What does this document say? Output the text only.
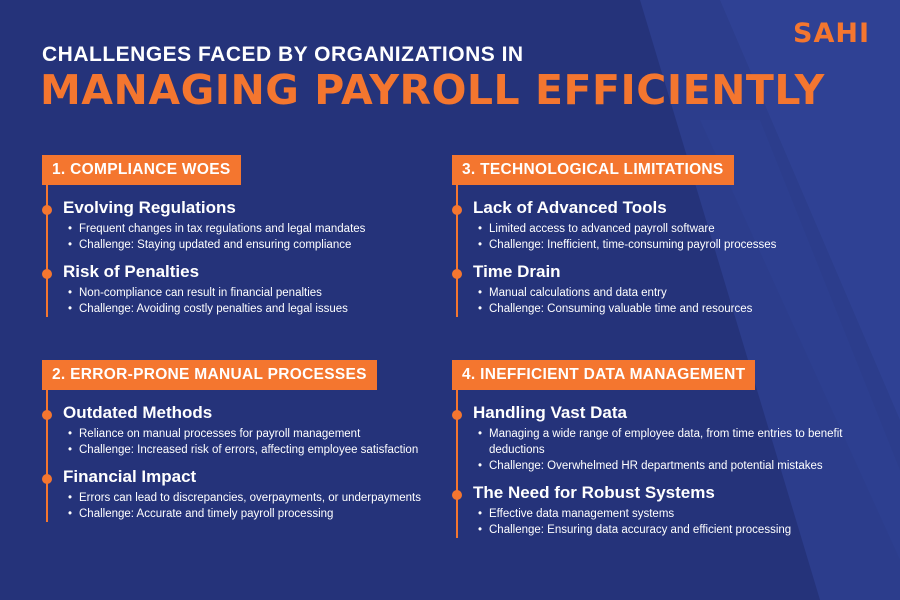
SAHI
CHALLENGES FACED BY ORGANIZATIONS IN
MANAGING PAYROLL EFFICIENTLY
1. COMPLIANCE WOES
Evolving Regulations
• Frequent changes in tax regulations and legal mandates
• Challenge: Staying updated and ensuring compliance
Risk of Penalties
• Non-compliance can result in financial penalties
• Challenge: Avoiding costly penalties and legal issues
3. TECHNOLOGICAL LIMITATIONS
Lack of Advanced Tools
• Limited access to advanced payroll software
• Challenge: Inefficient, time-consuming payroll processes
Time Drain
• Manual calculations and data entry
• Challenge: Consuming valuable time and resources
2. ERROR-PRONE MANUAL PROCESSES
Outdated Methods
• Reliance on manual processes for payroll management
• Challenge: Increased risk of errors, affecting employee satisfaction
Financial Impact
• Errors can lead to discrepancies, overpayments, or underpayments
• Challenge: Accurate and timely payroll processing
4. INEFFICIENT DATA MANAGEMENT
Handling Vast Data
• Managing a wide range of employee data, from time entries to benefit deductions
• Challenge: Overwhelmed HR departments and potential mistakes
The Need for Robust Systems
• Effective data management systems
• Challenge: Ensuring data accuracy and efficient processing
